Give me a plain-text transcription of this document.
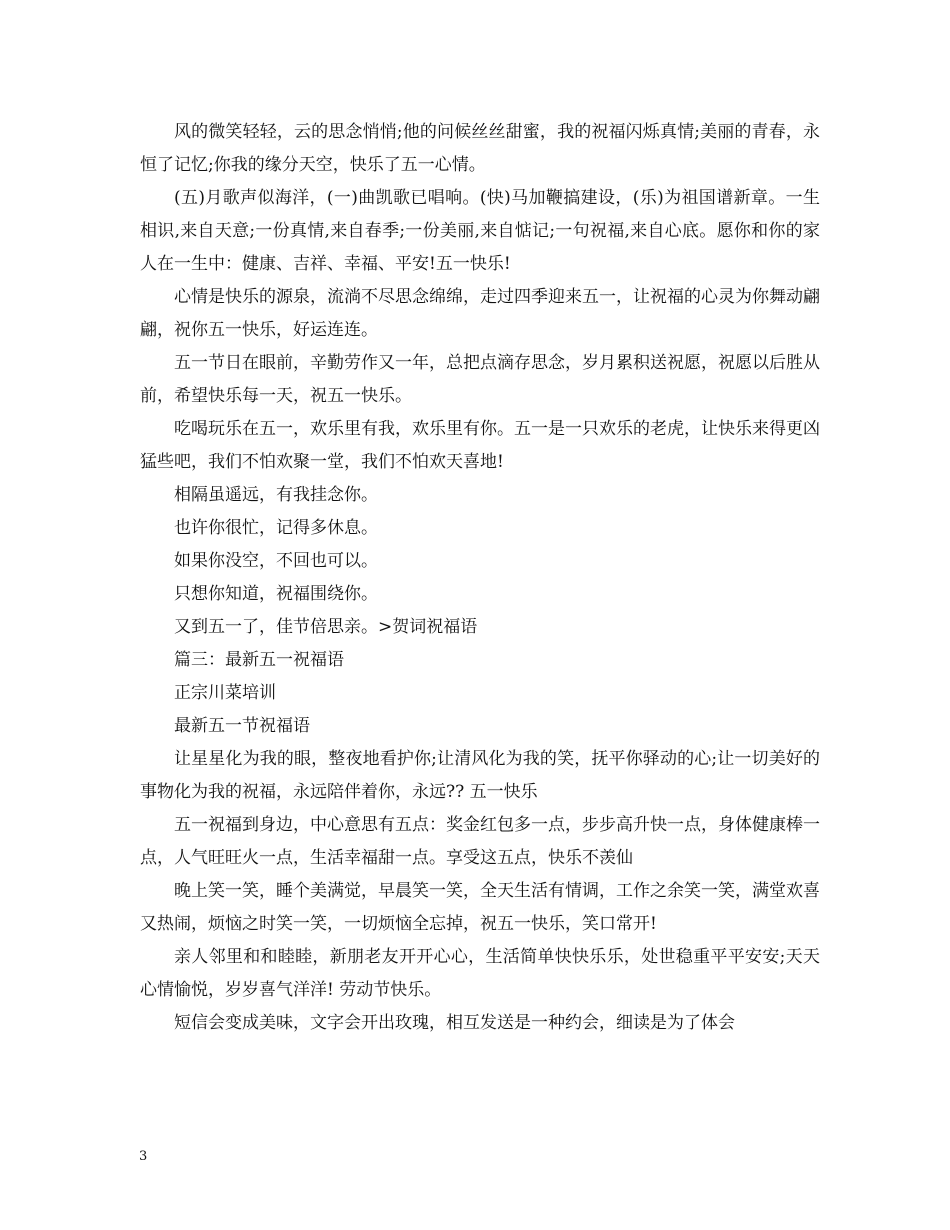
风的微笑轻轻，云的思念悄悄;他的问候丝丝甜蜜，我的祝福闪烁真情;美丽的青春，永恒了记忆;你我的缘分天空，快乐了五一心情。

(五)月歌声似海洋，(一)曲凯歌已唱响。(快)马加鞭搞建设，(乐)为祖国谱新章。一生相识,来自天意;一份真情,来自春季;一份美丽,来自惦记;一句祝福,来自心底。愿你和你的家人在一生中：健康、吉祥、幸福、平安!五一快乐!

心情是快乐的源泉，流淌不尽思念绵绵，走过四季迎来五一，让祝福的心灵为你舞动翩翩，祝你五一快乐，好运连连。

五一节日在眼前，辛勤劳作又一年，总把点滴存思念，岁月累积送祝愿，祝愿以后胜从前，希望快乐每一天，祝五一快乐。

吃喝玩乐在五一，欢乐里有我，欢乐里有你。五一是一只欢乐的老虎，让快乐来得更凶猛些吧，我们不怕欢聚一堂，我们不怕欢天喜地!

相隔虽遥远，有我挂念你。

也许你很忙，记得多休息。

如果你没空，不回也可以。

只想你知道，祝福围绕你。

又到五一了，佳节倍思亲。>贺词祝福语

篇三：最新五一祝福语

正宗川菜培训

最新五一节祝福语

让星星化为我的眼，整夜地看护你;让清风化为我的笑，抚平你驿动的心;让一切美好的事物化为我的祝福，永远陪伴着你，永远?? 五一快乐

五一祝福到身边，中心意思有五点：奖金红包多一点，步步高升快一点，身体健康棒一点，人气旺旺火一点，生活幸福甜一点。享受这五点，快乐不羡仙

晚上笑一笑，睡个美满觉，早晨笑一笑，全天生活有情调，工作之余笑一笑，满堂欢喜又热闹，烦恼之时笑一笑，一切烦恼全忘掉，祝五一快乐，笑口常开!

亲人邻里和和睦睦，新朋老友开开心心，生活简单快快乐乐，处世稳重平平安安;天天心情愉悦，岁岁喜气洋洋! 劳动节快乐。

短信会变成美味，文字会开出玫瑰，相互发送是一种约会，细读是为了体会

3
